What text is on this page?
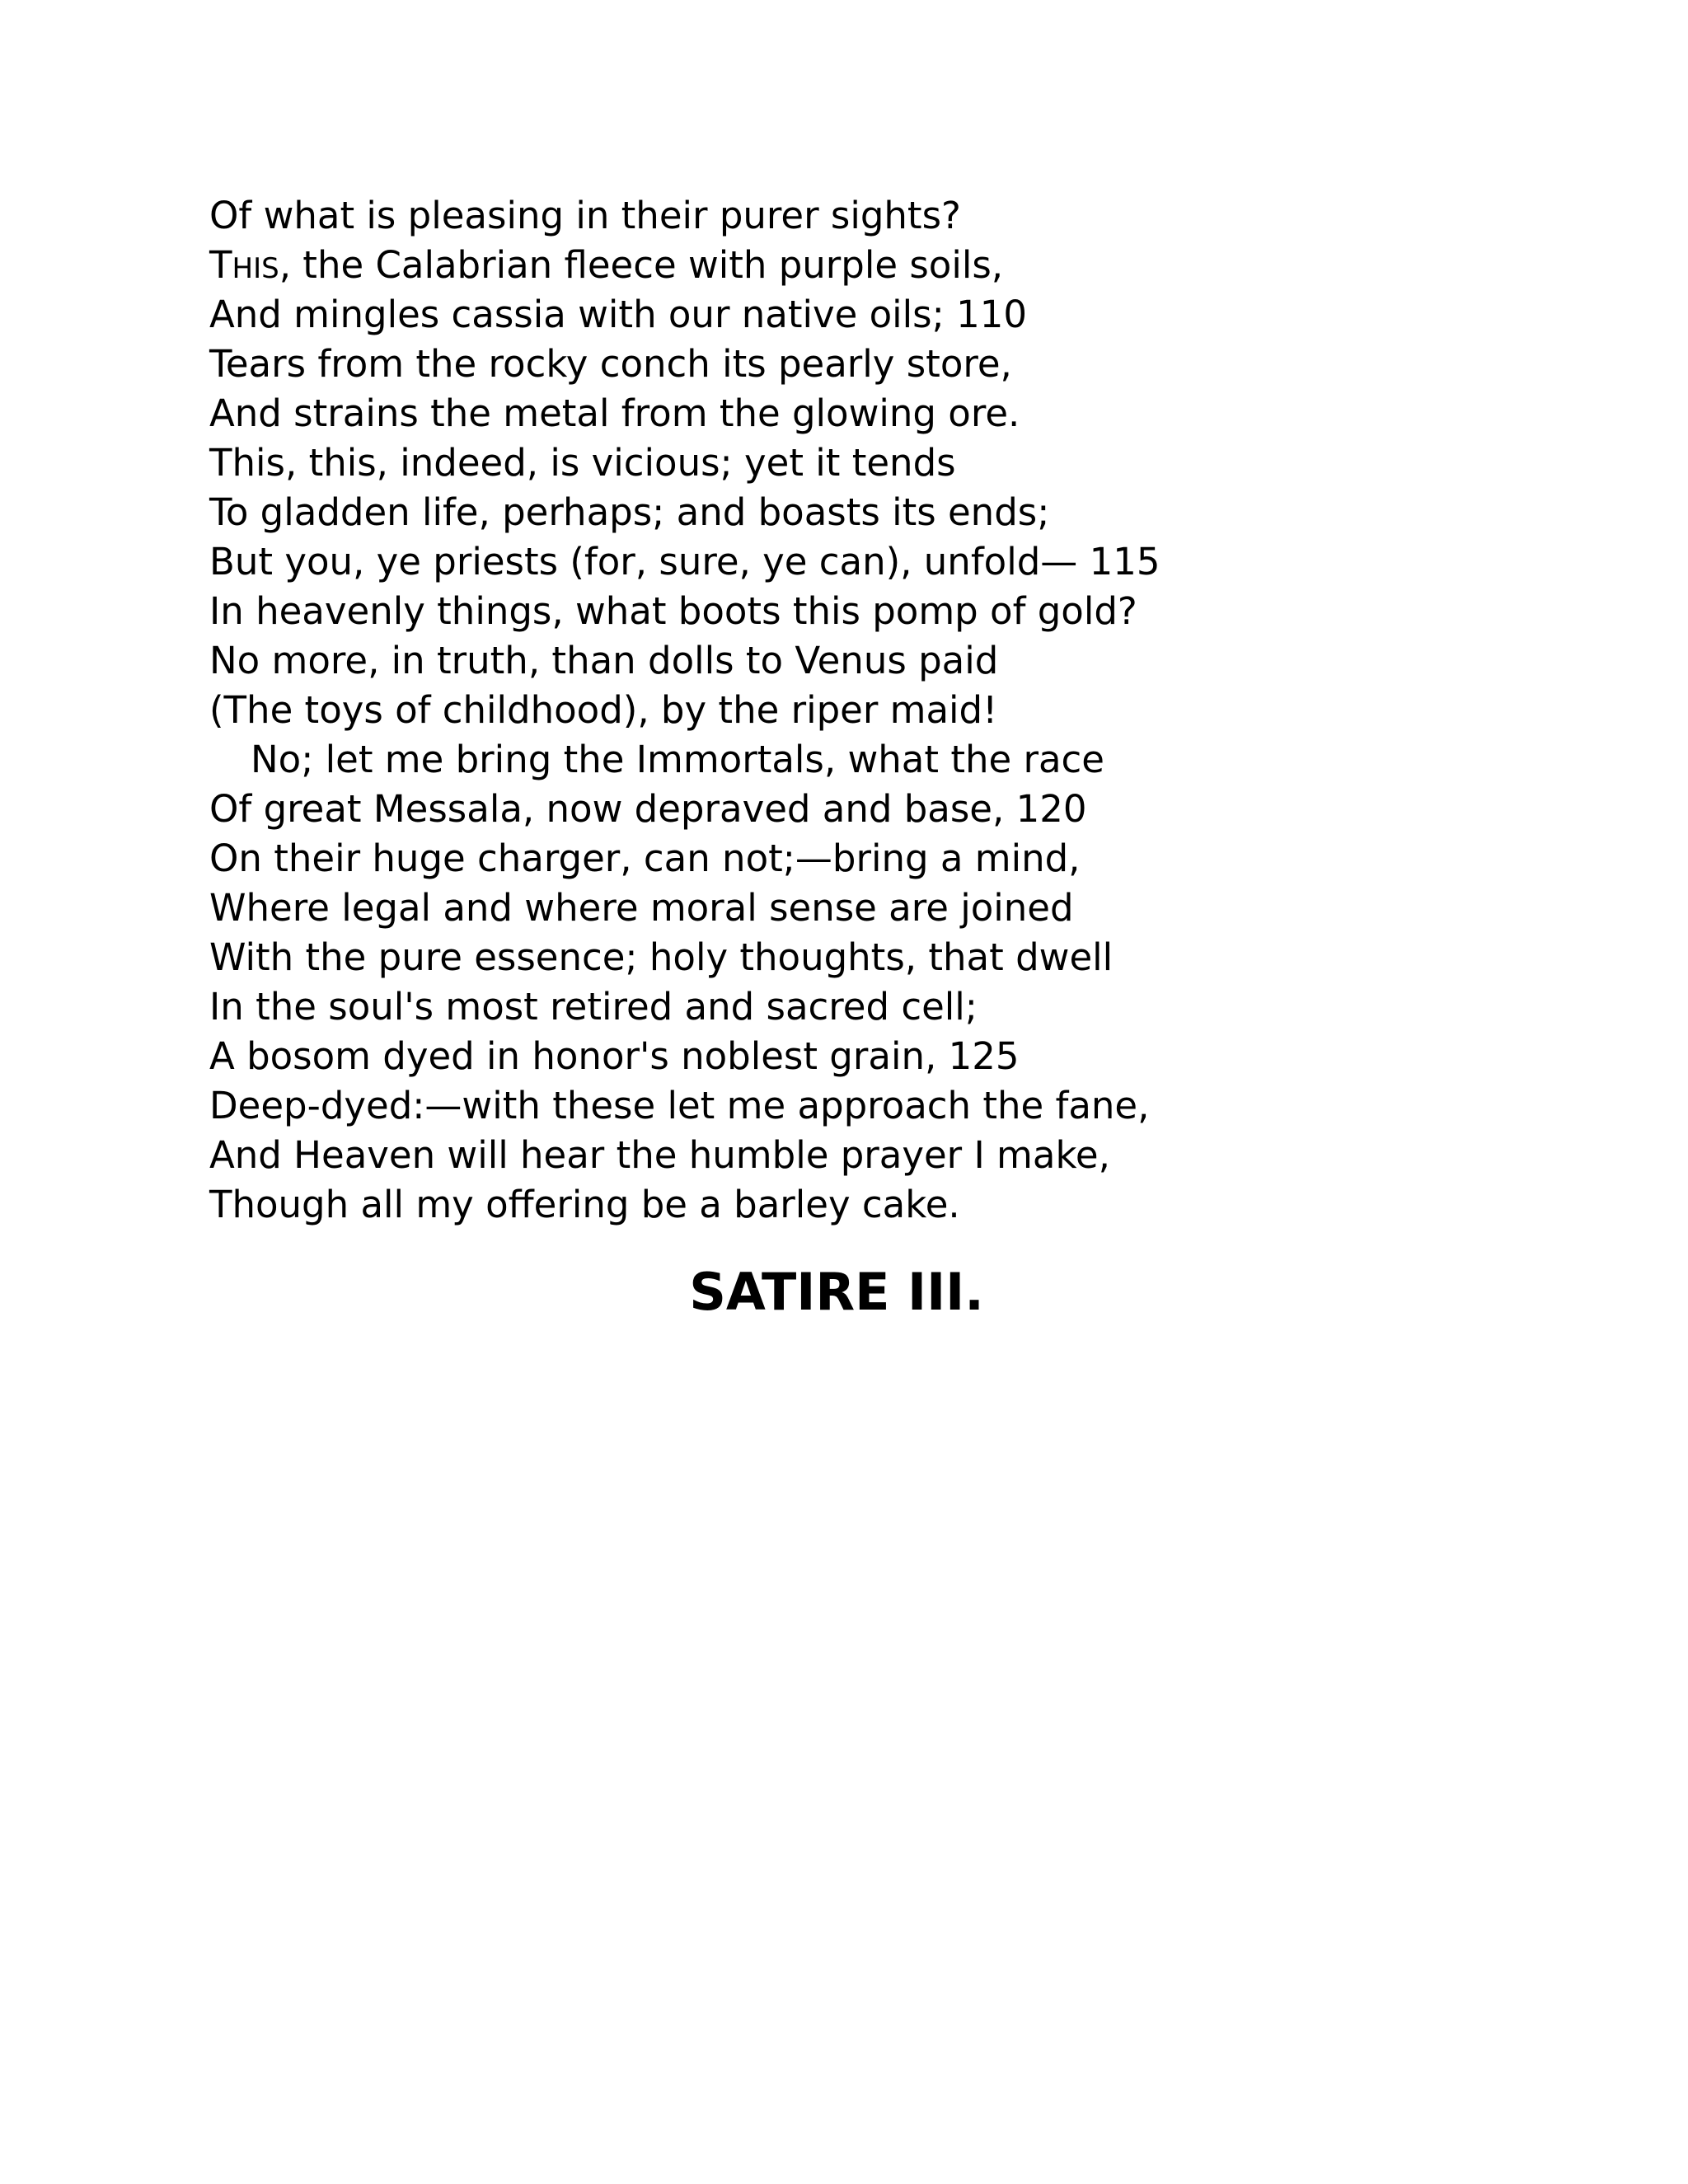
Of what is pleasing in their purer sights?
THIS, the Calabrian fleece with purple soils,
And mingles cassia with our native oils; 110
Tears from the rocky conch its pearly store,
And strains the metal from the glowing ore.
This, this, indeed, is vicious; yet it tends
To gladden life, perhaps; and boasts its ends;
But you, ye priests (for, sure, ye can), unfold— 115
In heavenly things, what boots this pomp of gold?
No more, in truth, than dolls to Venus paid
(The toys of childhood), by the riper maid!
No; let me bring the Immortals, what the race
Of great Messala, now depraved and base, 120
On their huge charger, can not;—bring a mind,
Where legal and where moral sense are joined
With the pure essence; holy thoughts, that dwell
In the soul's most retired and sacred cell;
A bosom dyed in honor's noblest grain, 125
Deep-dyed:—with these let me approach the fane,
And Heaven will hear the humble prayer I make,
Though all my offering be a barley cake.
SATIRE III.
